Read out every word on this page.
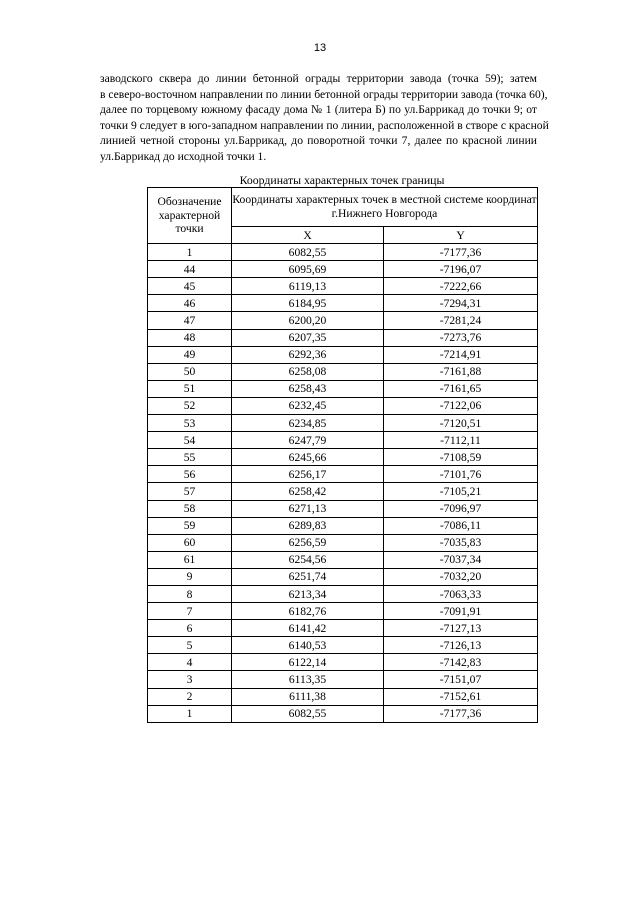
13
заводского сквера до линии бетонной ограды территории завода (точка 59); затем
в северо-восточном направлении по линии бетонной ограды территории завода (точка 60),
далее по торцевому южному фасаду дома № 1 (литера Б) по ул.Баррикад до точки 9; от
точки 9 следует в юго-западном направлении по линии, расположенной в створе с красной
линией четной стороны ул.Баррикад, до поворотной точки 7, далее по красной линии
ул.Баррикад до исходной точки 1.
Координаты характерных точек границы
Обозначение характерной точки	Координаты характерных точек в местной системе координат г.Нижнего Новгорода	
	X	Y
1	6082,55	-7177,36
44	6095,69	-7196,07
45	6119,13	-7222,66
46	6184,95	-7294,31
47	6200,20	-7281,24
48	6207,35	-7273,76
49	6292,36	-7214,91
50	6258,08	-7161,88
51	6258,43	-7161,65
52	6232,45	-7122,06
53	6234,85	-7120,51
54	6247,79	-7112,11
55	6245,66	-7108,59
56	6256,17	-7101,76
57	6258,42	-7105,21
58	6271,13	-7096,97
59	6289,83	-7086,11
60	6256,59	-7035,83
61	6254,56	-7037,34
9	6251,74	-7032,20
8	6213,34	-7063,33
7	6182,76	-7091,91
6	6141,42	-7127,13
5	6140,53	-7126,13
4	6122,14	-7142,83
3	6113,35	-7151,07
2	6111,38	-7152,61
1	6082,55	-7177,36
